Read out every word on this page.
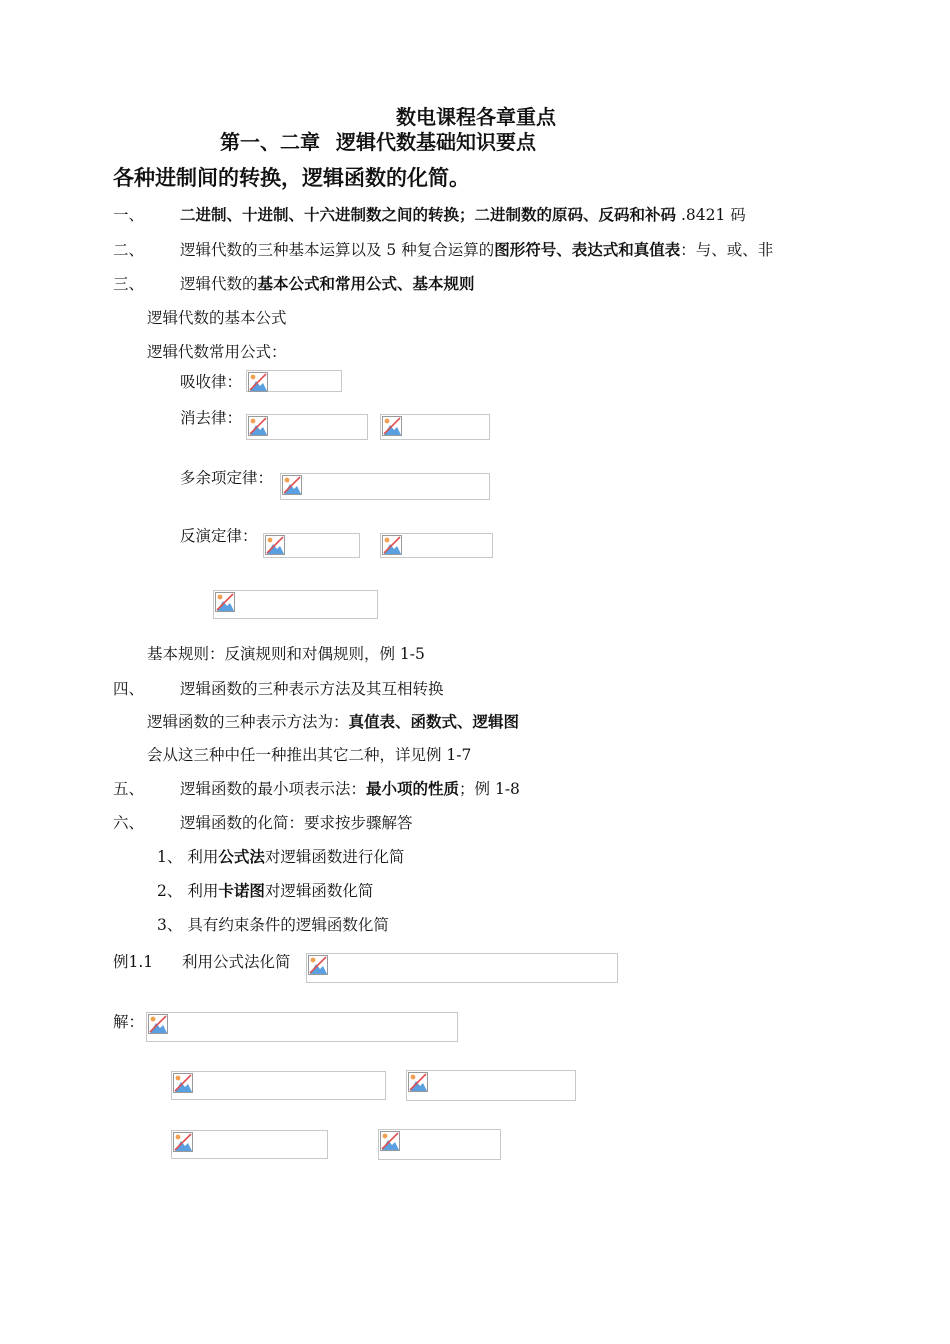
数电课程各章重点
第一、二章 逻辑代数基础知识要点
各种进制间的转换，逻辑函数的化简。
一、 二进制、十进制、十六进制数之间的转换；二进制数的原码、反码和补码 .8421 码
二、 逻辑代数的三种基本运算以及 5 种复合运算的图形符号、表达式和真值表：与、或、非
三、 逻辑代数的基本公式和常用公式、基本规则
逻辑代数的基本公式
逻辑代数常用公式：
吸收律：
消去律：
多余项定律：
反演定律：
基本规则：反演规则和对偶规则，例 1-5
四、 逻辑函数的三种表示方法及其互相转换
逻辑函数的三种表示方法为：真值表、函数式、逻辑图
会从这三种中任一种推出其它二种，详见例 1-7
五、 逻辑函数的最小项表示法：最小项的性质；例 1-8
六、 逻辑函数的化简：要求按步骤解答
1、 利用公式法对逻辑函数进行化简
2、 利用卡诺图对逻辑函数化简
3、 具有约束条件的逻辑函数化简
例1.1 利用公式法化简
解：
